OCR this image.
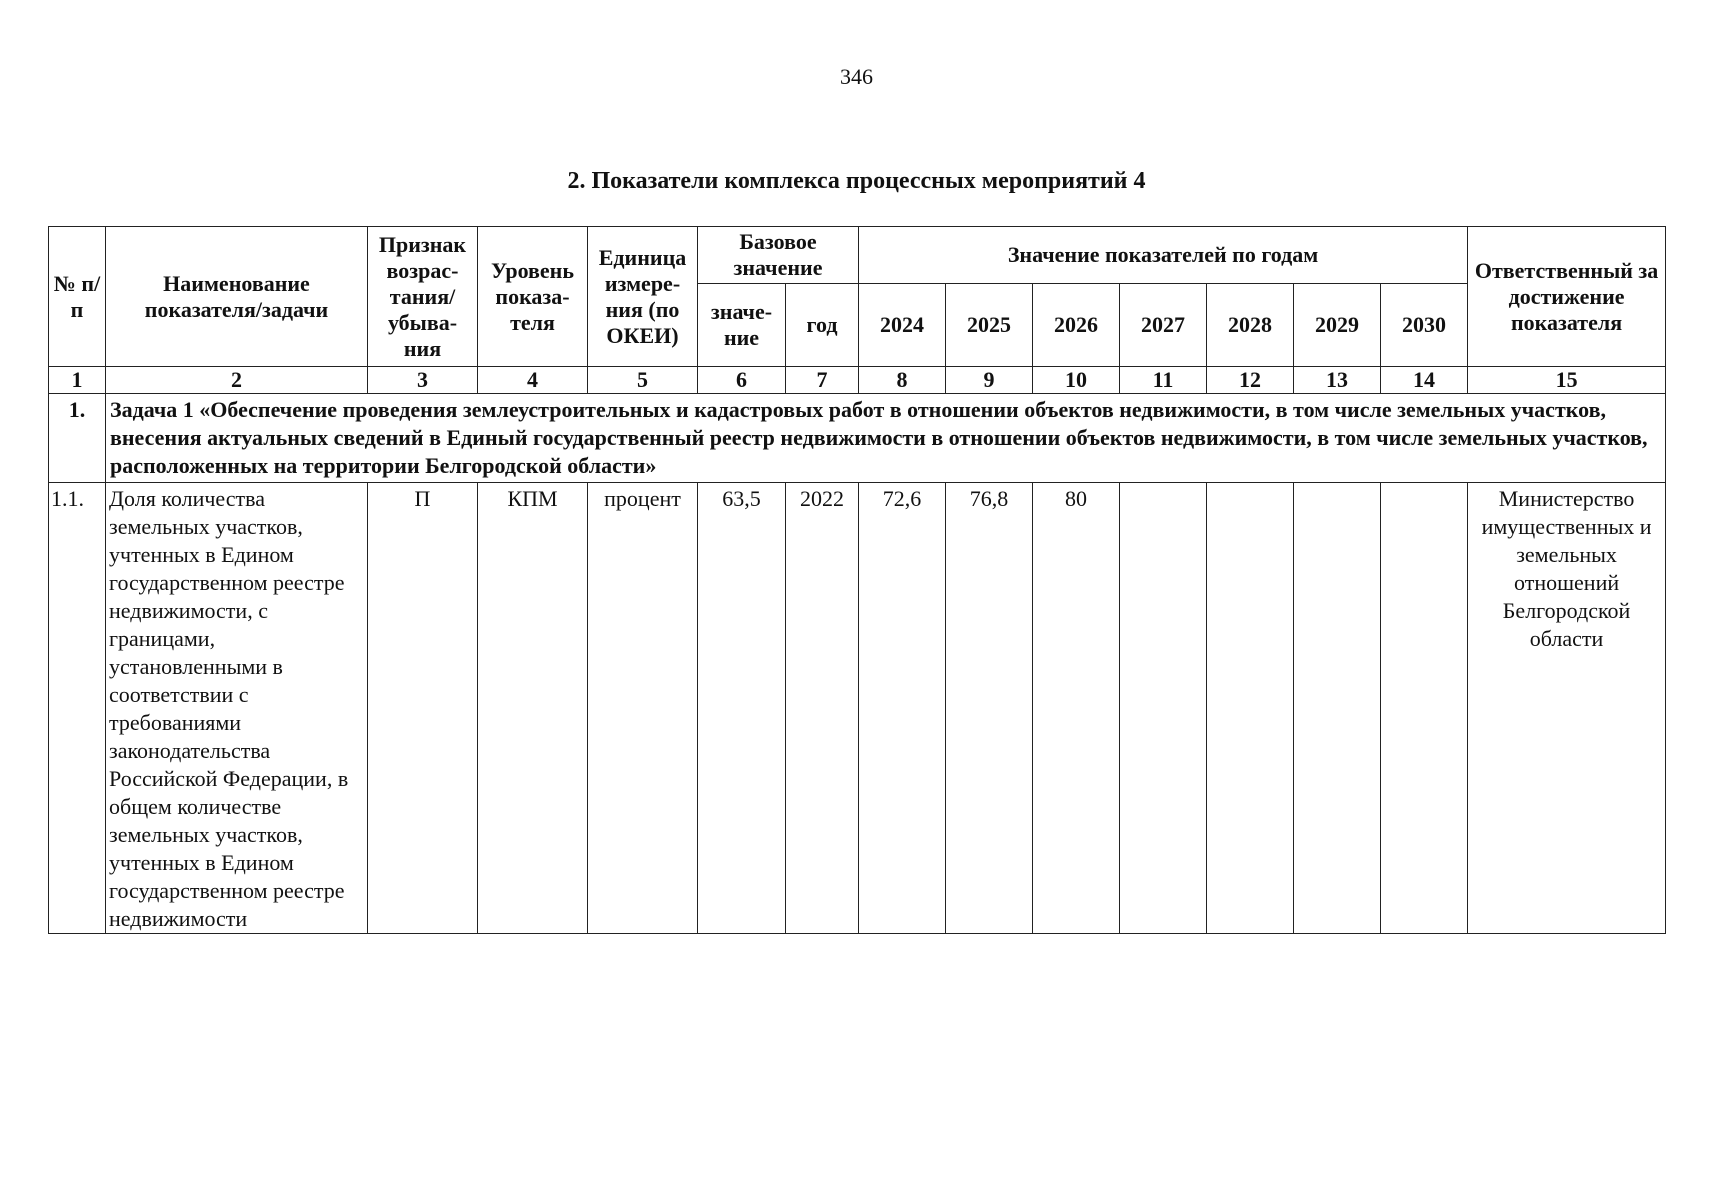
346
2. Показатели комплекса процессных мероприятий 4
№ п/п	Наименование показателя/задачи	Признак возрас-тания/ убыва-ния	Уровень показа-теля	Единица измере-ния (по ОКЕИ)	Базовое значение		Значение показателей по годам							Ответственный за достижение показателя
					значе-ние	год	2024	2025	2026	2027	2028	2029	2030	
1	2	3	4	5	6	7	8	9	10	11	12	13	14	15
1.	Задача 1 «Обеспечение проведения землеустроительных и кадастровых работ в отношении объектов недвижимости, в том числе земельных участков, внесения актуальных сведений в Единый государственный реестр недвижимости в отношении объектов недвижимости, в том числе земельных участков, расположенных на территории Белгородской области»													
1.1.	Доля количества земельных участков, учтенных в Едином государственном реестре недвижимости, с границами, установленными в соответствии с требованиями законодательства Российской Федерации, в общем количестве земельных участков, учтенных в Едином государственном реестре недвижимости	П	КПМ	процент	63,5	2022	72,6	76,8	80					Министерство имущественных и земельных отношений Белгородской области
